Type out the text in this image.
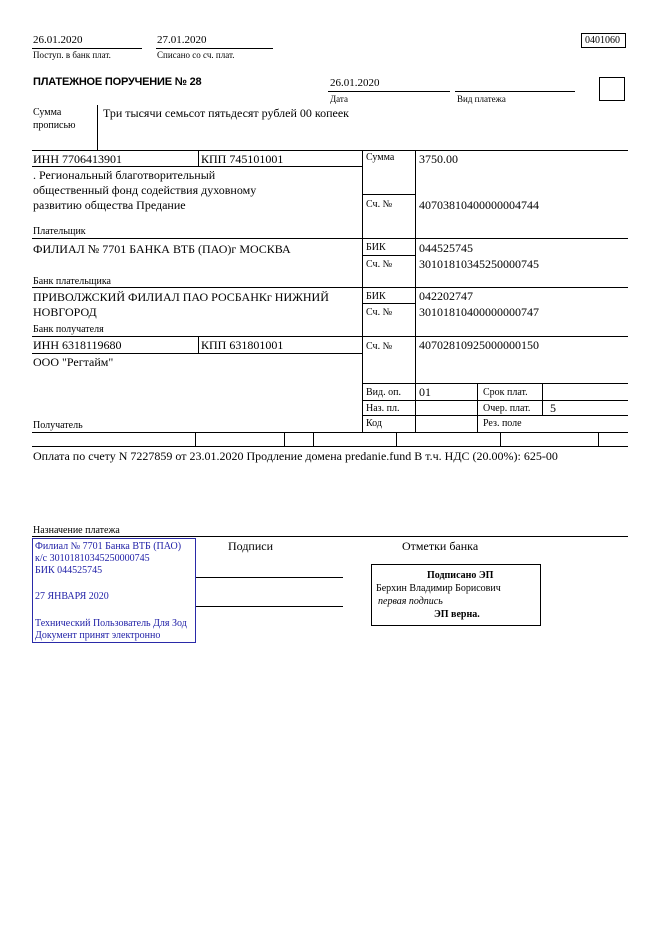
26.01.2020
Поступ. в банк плат.
27.01.2020
Списано со сч. плат.
0401060
ПЛАТЕЖНОЕ ПОРУЧЕНИЕ № 28	26.01.2020
Дата	Вид платежа
Сумма
прописью
Три тысячи семьсот пятьдесят рублей 00 копеек
ИНН 7706413901	КПП 745101001
. Региональный благотворительный
общественный фонд содействия духовному
развитию общества Предание
Плательщик
Сумма 3750.00
Сч. № 40703810400000004744
ФИЛИАЛ № 7701 БАНКА ВТБ (ПАО)г МОСКВА
Банк плательщика
БИК	044525745
Сч. № 30101810345250000745
ПРИВОЛЖСКИЙ ФИЛИАЛ ПАО РОСБАНКг НИЖНИЙ
НОВГОРОД
Банк получателя
БИК	042202747
Сч. № 30101810400000000747
ИНН 6318119680	КПП 631801001
ООО "Регтайм"
Получатель
Сч. № 40702810925000000150
Вид. оп. 01	Срок плат.
Наз. пл.	Очер. плат. 5
Код	Рез. поле
Оплата по счету N 7227859 от 23.01.2020 Продление домена predanie.fund В т.ч. НДС (20.00%): 625-00
Назначение платежа
Подписи	Отметки банка
Филиал № 7701 Банка ВТБ (ПАО)
к/с 30101810345250000745
БИК 044525745
27 ЯНВАРЯ 2020
Технический Пользователь Для Зод
Документ принят электронно
Подписано ЭП
Берхин Владимир Борисович
первая подпись
ЭП верна.
